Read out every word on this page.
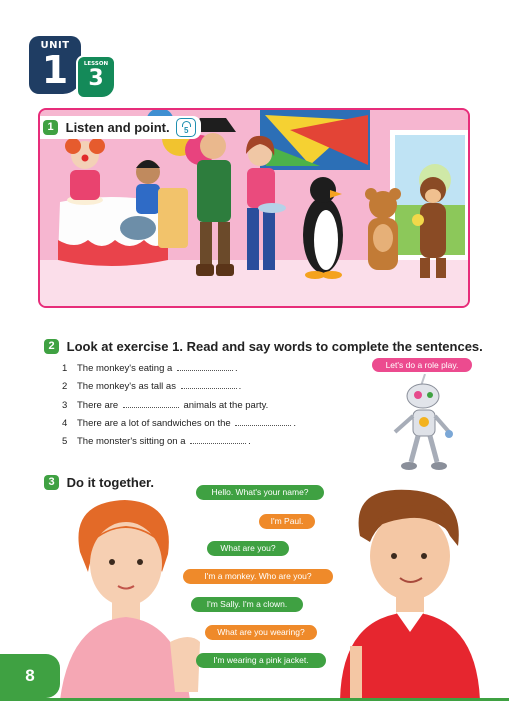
UNIT
1	LESSON
3
1 Listen and point. 5
2 Look at exercise 1. Read and say words to complete the sentences.
1 The monkey's eating a	.
2 The monkey's as tall as	.
3 There are	animals at the party.
4 There are a lot of sandwiches on the	.
5 The monster's sitting on a	.
Let's do a role play.
3 Do it together.
Hello. What's your name?
I'm Paul.
What are you?
I'm a monkey. Who are you?
I'm Sally. I'm a clown.
What are you wearing?
I'm wearing a pink jacket.
8
